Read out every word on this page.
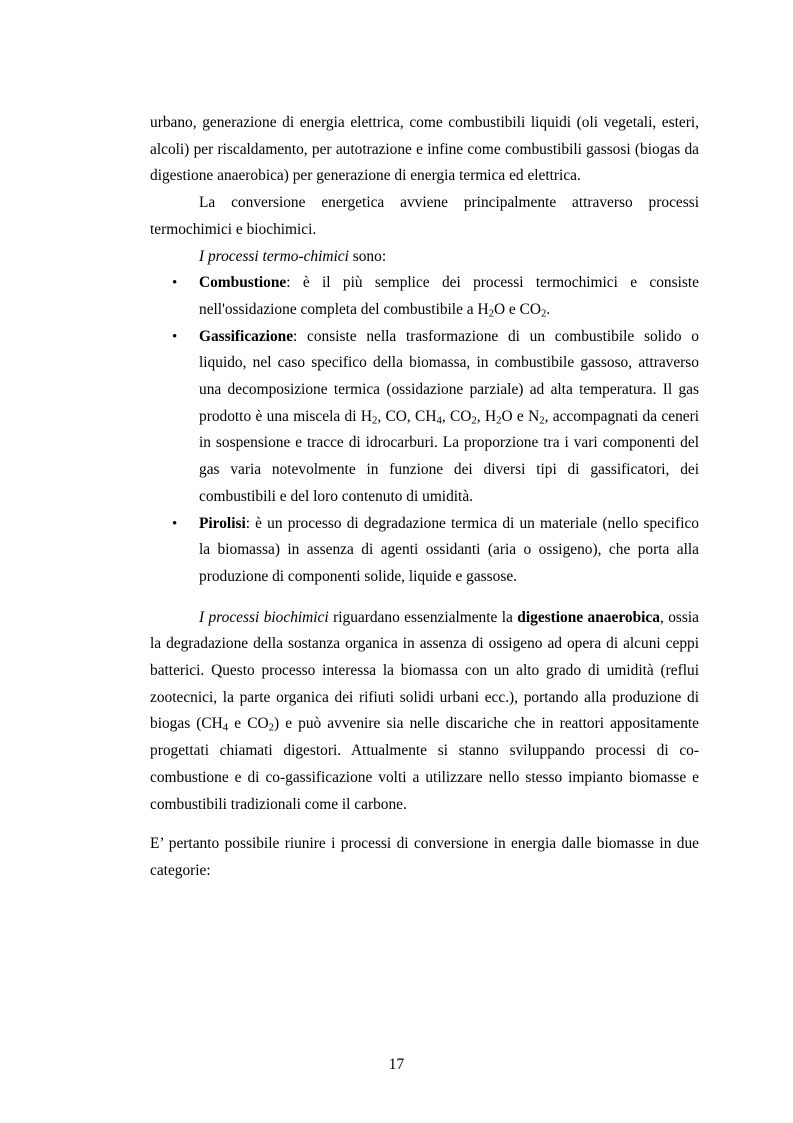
urbano, generazione di energia elettrica, come combustibili liquidi (oli vegetali, esteri, alcoli) per riscaldamento, per autotrazione e infine come combustibili gassosi (biogas da digestione anaerobica) per generazione di energia termica ed elettrica.

La conversione energetica avviene principalmente attraverso processi termochimici e biochimici.

I processi termo-chimici sono:

• Combustione: è il più semplice dei processi termochimici e consiste nell'ossidazione completa del combustibile a $H_2O$ e $CO_2$.
• Gassificazione: consiste nella trasformazione di un combustibile solido o liquido, nel caso specifico della biomassa, in combustibile gassoso, attraverso una decomposizione termica (ossidazione parziale) ad alta temperatura. Il gas prodotto è una miscela di $H_2$, CO, $CH_4$, $CO_2$, $H_2O$ e $N_2$, accompagnati da ceneri in sospensione e tracce di idrocarburi. La proporzione tra i vari componenti del gas varia notevolmente in funzione dei diversi tipi di gassificatori, dei combustibili e del loro contenuto di umidità.
• Pirolisi: è un processo di degradazione termica di un materiale (nello specifico la biomassa) in assenza di agenti ossidanti (aria o ossigeno), che porta alla produzione di componenti solide, liquide e gassose.

I processi biochimici riguardano essenzialmente la digestione anaerobica, ossia la degradazione della sostanza organica in assenza di ossigeno ad opera di alcuni ceppi batterici. Questo processo interessa la biomassa con un alto grado di umidità (reflui zootecnici, la parte organica dei rifiuti solidi urbani ecc.), portando alla produzione di biogas ($CH_4$ e $CO_2$) e può avvenire sia nelle discariche che in reattori appositamente progettati chiamati digestori. Attualmente si stanno sviluppando processi di co-combustione e di co-gassificazione volti a utilizzare nello stesso impianto biomasse e combustibili tradizionali come il carbone.

E’ pertanto possibile riunire i processi di conversione in energia dalle biomasse in due categorie:

17
